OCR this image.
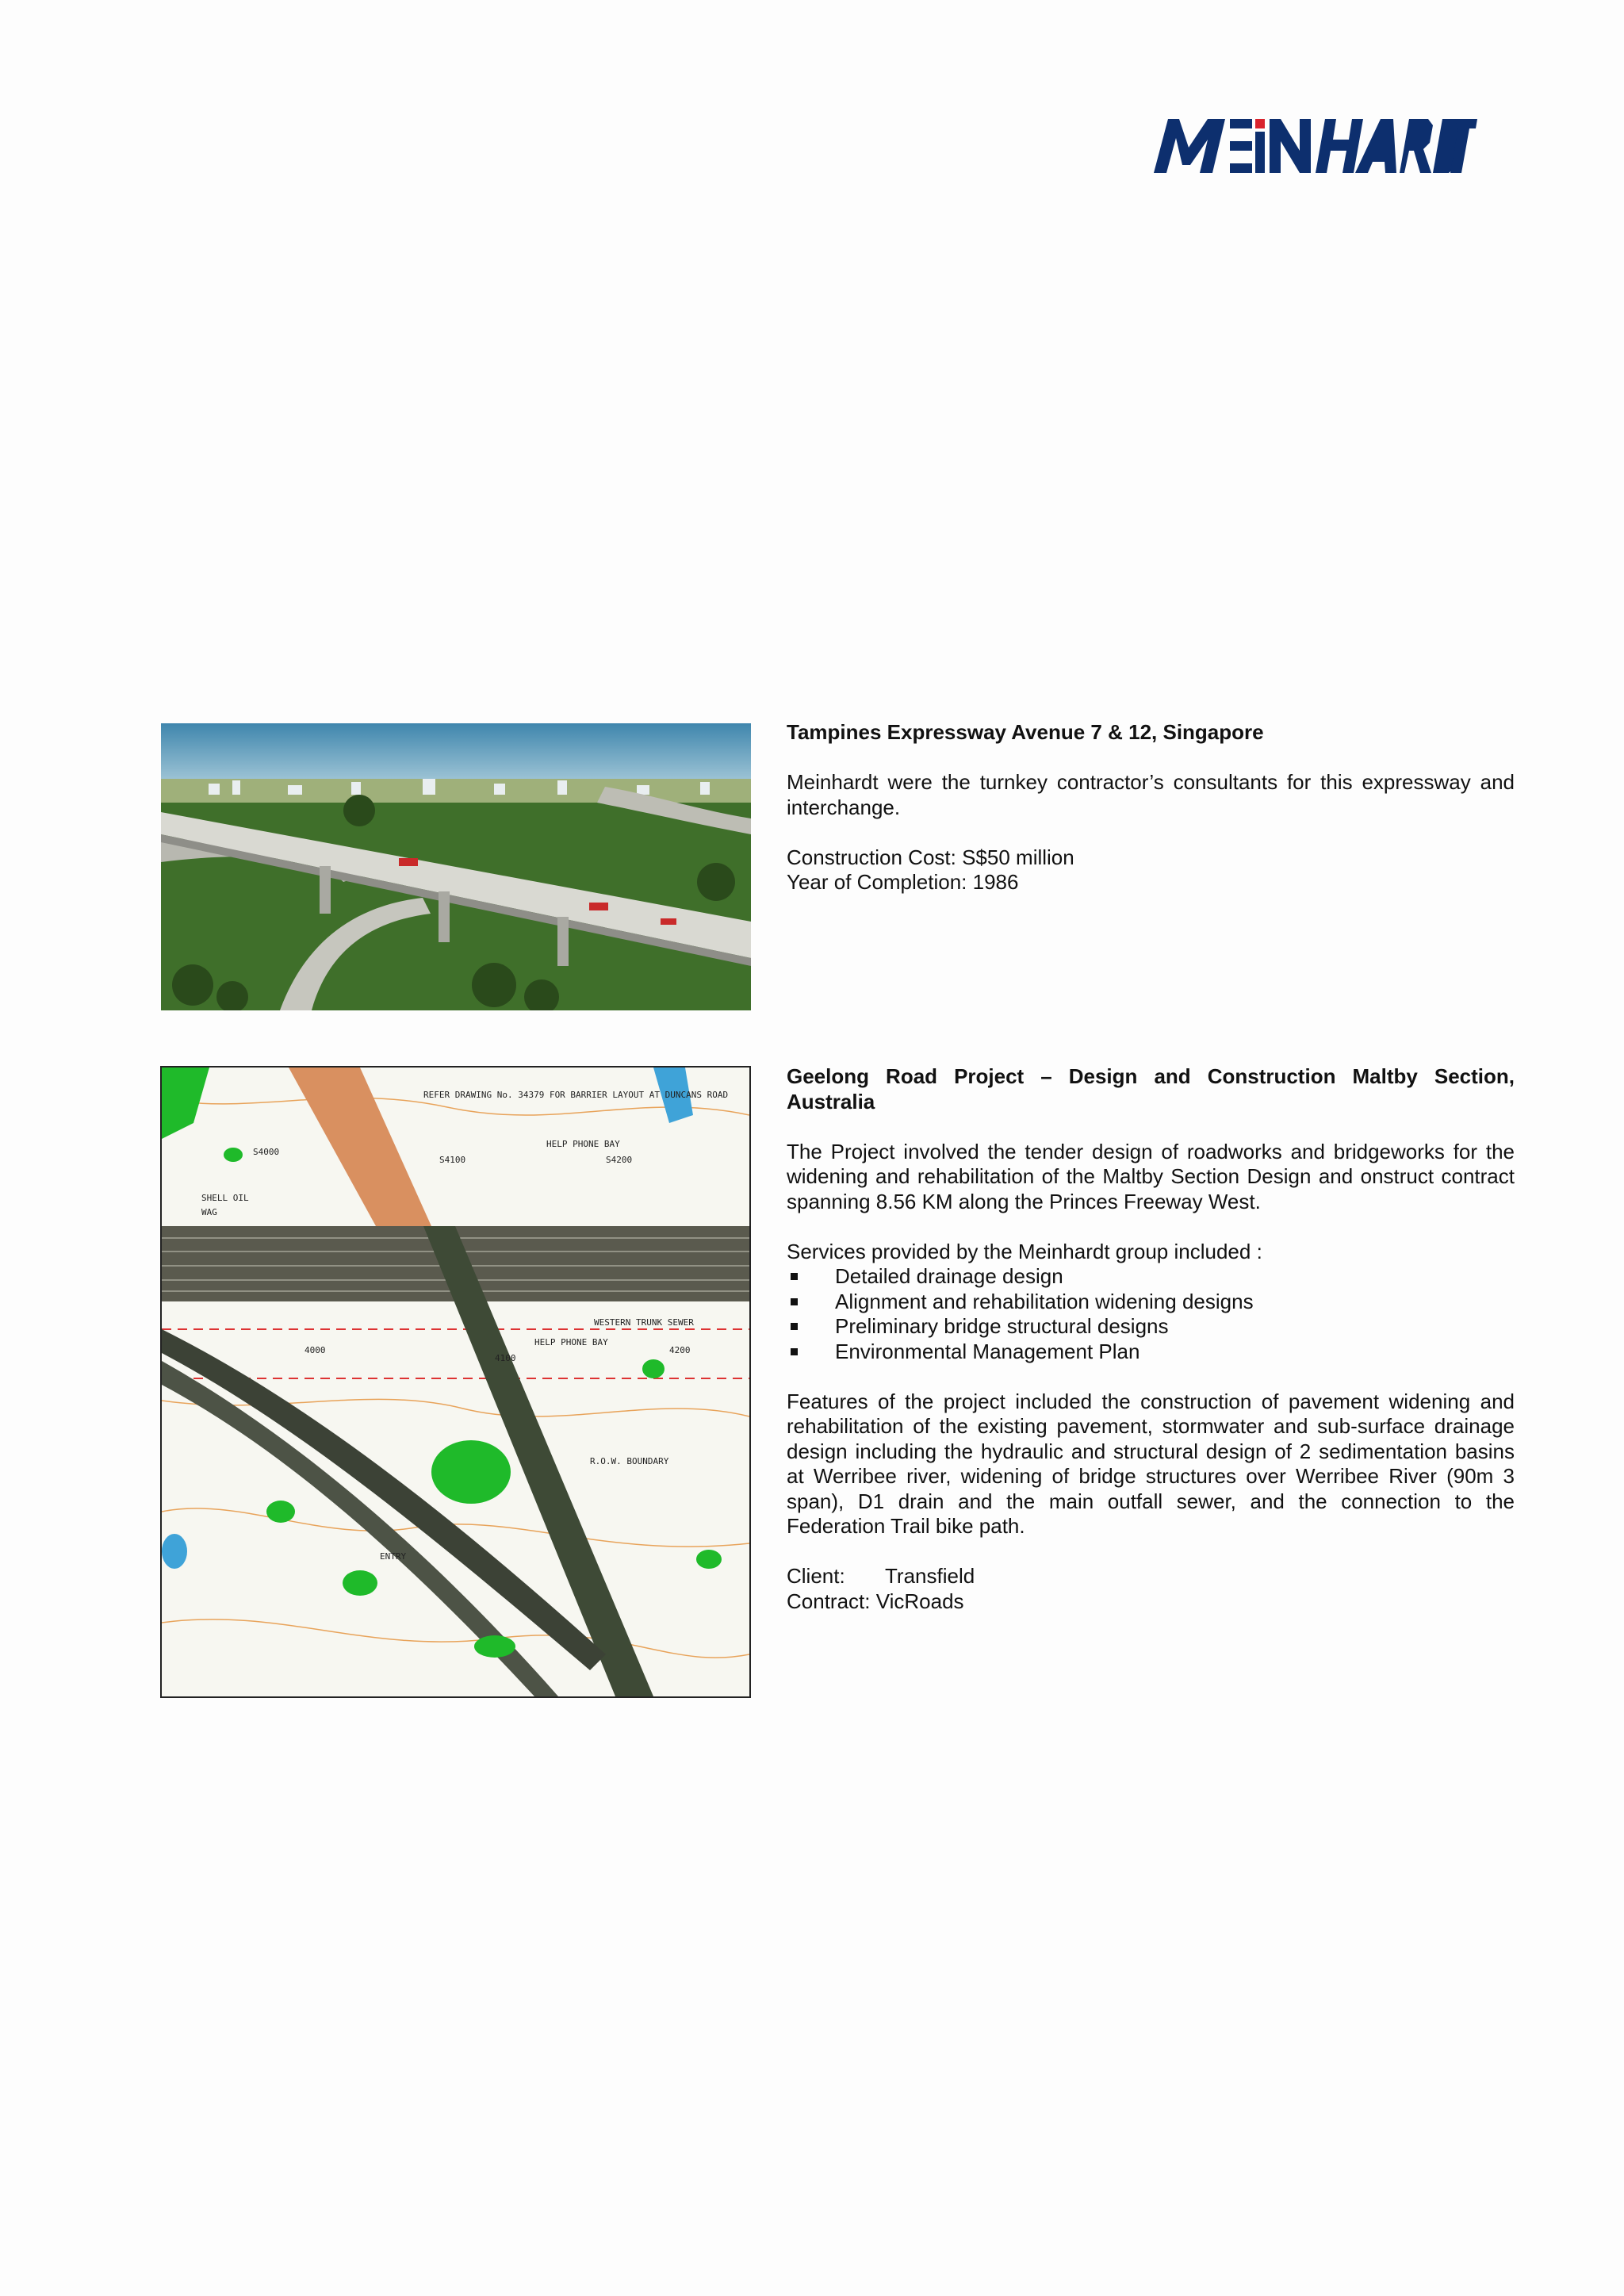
Tampines Expressway Avenue 7 & 12, Singapore

Meinhardt were the turnkey contractor’s consultants for this expressway and interchange.

Construction Cost: S$50 million

Year of Completion: 1986

REFER DRAWING No. 34379 FOR BARRIER LAYOUT AT DUNCANS ROAD
HELP PHONE BAY
SHELL OIL
WAG
S4000
S4100	S4200
WESTERN TRUNK SEWER
HELP PHONE BAY
4000
4100
4200
R.O.W. BOUNDARY
ENTRY

Geelong Road Project – Design and Construction Maltby Section, Australia

The Project involved the tender design of roadworks and bridgeworks for the widening and rehabilitation of the Maltby Section Design and onstruct contract spanning 8.56 KM along the Princes Freeway West.

Services provided by the Meinhardt group included :

Detailed drainage design
Alignment and rehabilitation widening designs
Preliminary bridge structural designs
Environmental Management Plan

Features of the project included the construction of pavement widening and rehabilitation of the existing pavement, stormwater and sub-surface drainage design including the hydraulic and structural design of 2 sedimentation basins at Werribee river, widening of bridge structures over Werribee River (90m 3 span), D1 drain and the main outfall sewer, and the connection to the Federation Trail bike path.

Client:	Transfield
Contract: VicRoads
